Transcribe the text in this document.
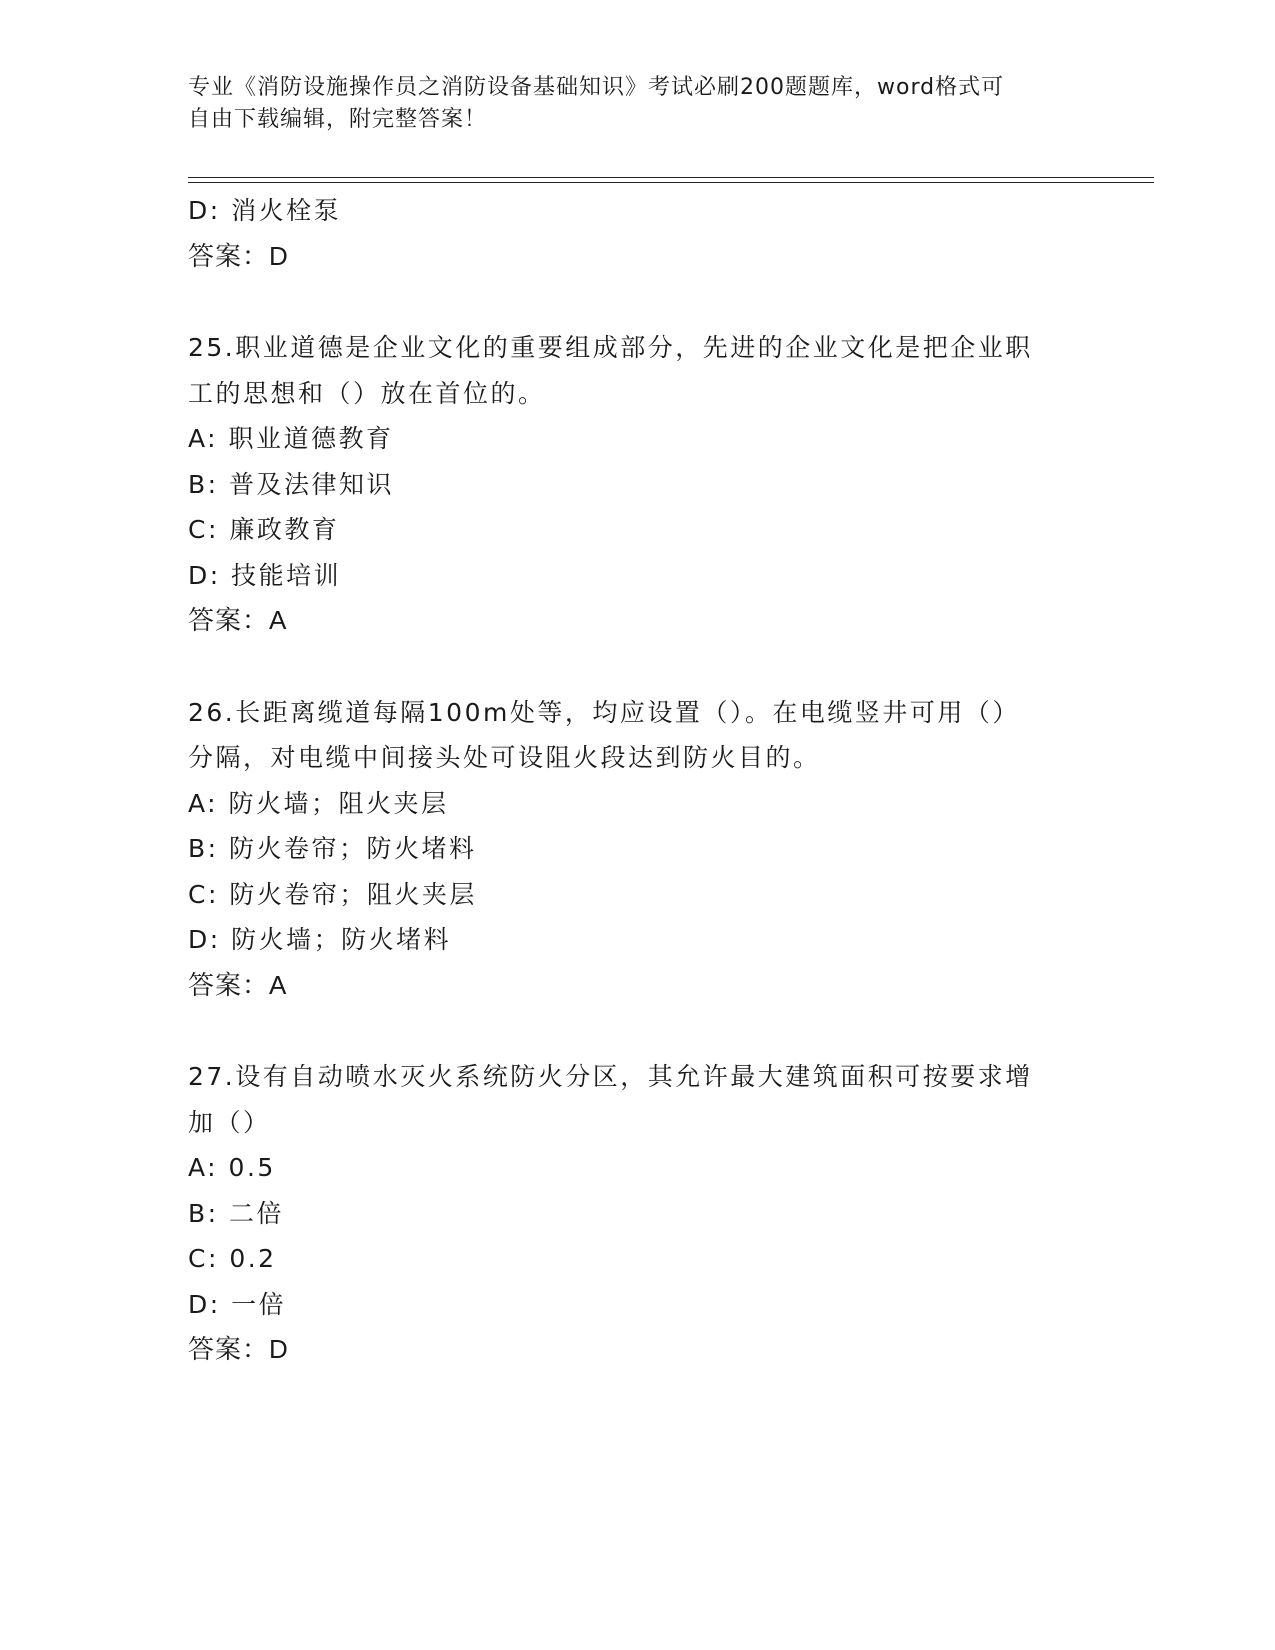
专业《消防设施操作员之消防设备基础知识》考试必刷200题题库，word格式可
自由下载编辑，附完整答案！
D: 消火栓泵
答案：D
25.职业道德是企业文化的重要组成部分，先进的企业文化是把企业职
工的思想和（）放在首位的。
A: 职业道德教育
B: 普及法律知识
C: 廉政教育
D: 技能培训
答案：A
26.长距离缆道每隔100m处等，均应设置（）。在电缆竖井可用（）
分隔，对电缆中间接头处可设阻火段达到防火目的。
A: 防火墙；阻火夹层
B: 防火卷帘；防火堵料
C: 防火卷帘；阻火夹层
D: 防火墙；防火堵料
答案：A
27.设有自动喷水灭火系统防火分区，其允许最大建筑面积可按要求增
加（）
A: 0.5
B: 二倍
C: 0.2
D: 一倍
答案：D
